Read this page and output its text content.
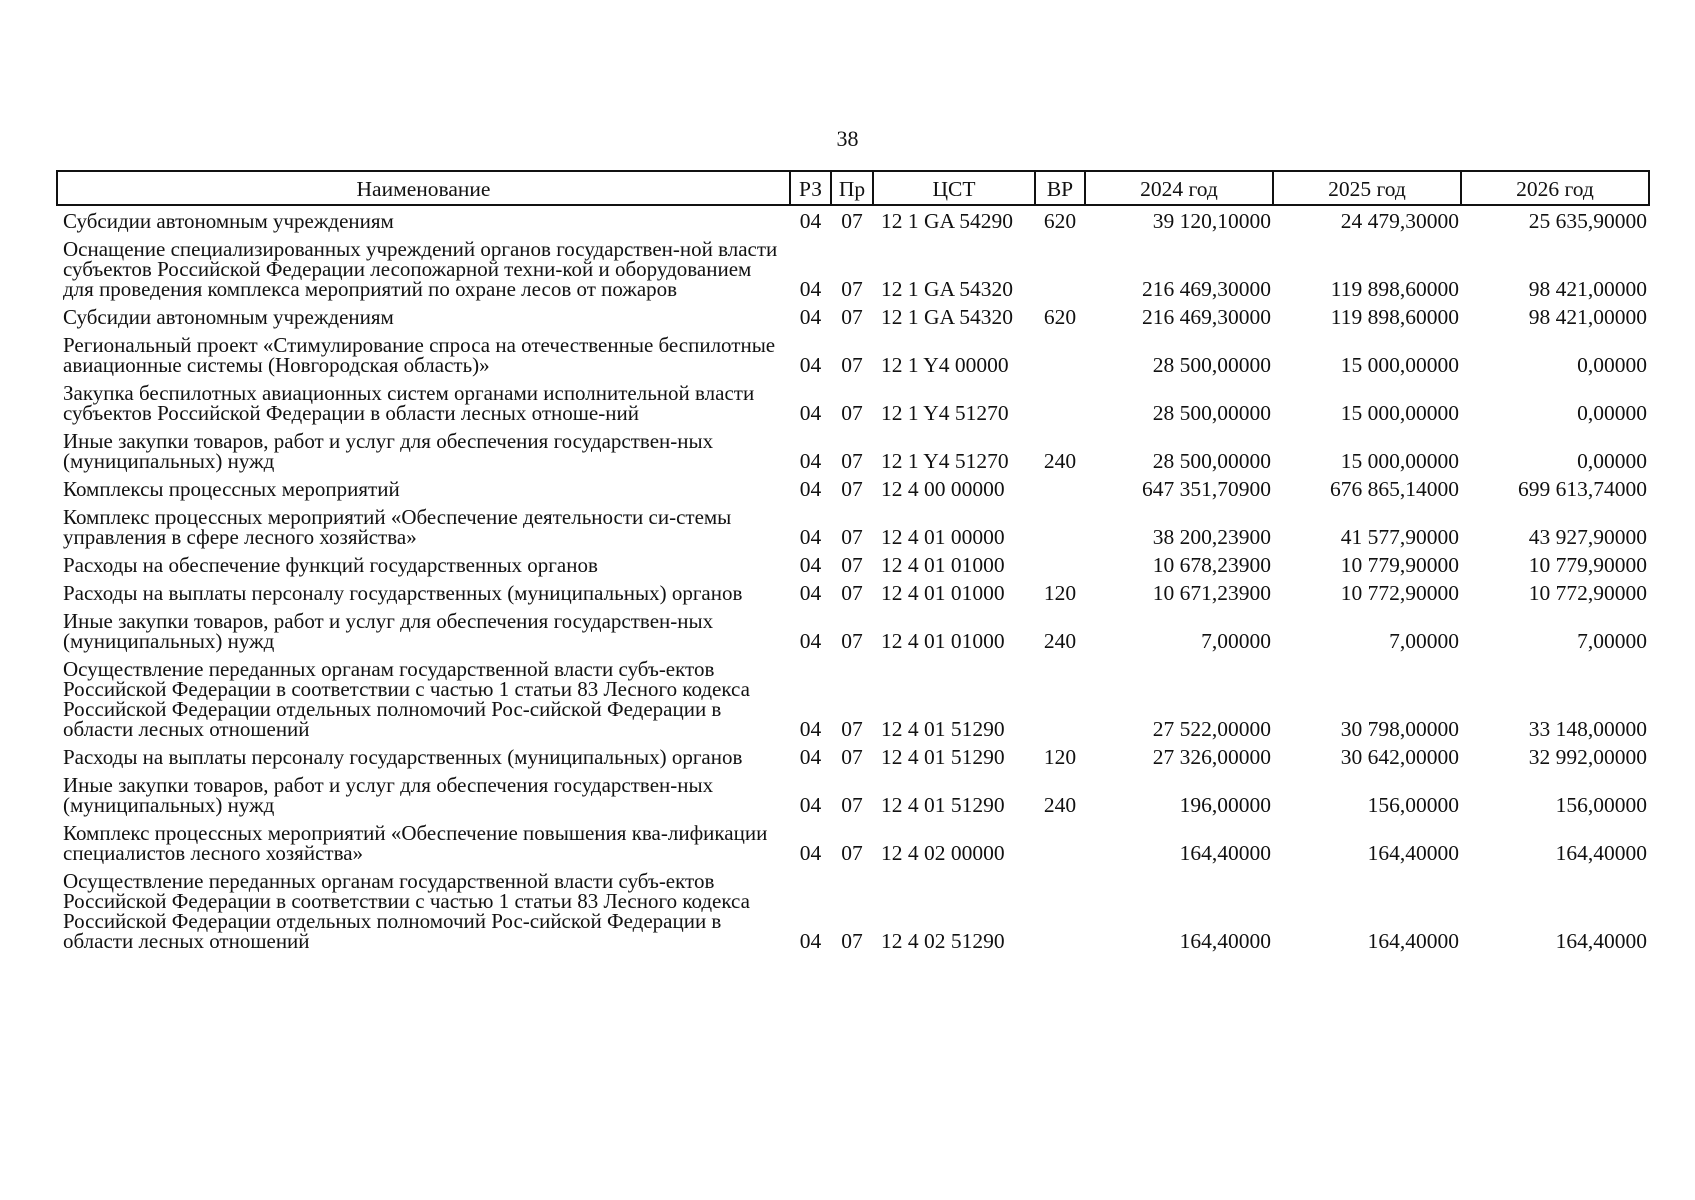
38
Наименование	РЗ	Пр	ЦСТ	ВР	2024 год	2025 год	2026 год
Субсидии автономным учреждениям	04	07	12 1 GA 54290	620	39 120,10000	24 479,30000	25 635,90000
Оснащение специализированных учреждений органов государствен-ной власти субъектов Российской Федерации лесопожарной техни-кой и оборудованием для проведения комплекса мероприятий по охране лесов от пожаров	04	07	12 1 GA 54320		216 469,30000	119 898,60000	98 421,00000
Субсидии автономным учреждениям	04	07	12 1 GA 54320	620	216 469,30000	119 898,60000	98 421,00000
Региональный проект «Стимулирование спроса на отечественные беспилотные авиационные системы (Новгородская область)»	04	07	12 1 Y4 00000		28 500,00000	15 000,00000	0,00000
Закупка беспилотных авиационных систем органами исполнительной власти субъектов Российской Федерации в области лесных отноше-ний	04	07	12 1 Y4 51270		28 500,00000	15 000,00000	0,00000
Иные закупки товаров, работ и услуг для обеспечения государствен-ных (муниципальных) нужд	04	07	12 1 Y4 51270	240	28 500,00000	15 000,00000	0,00000
Комплексы процессных мероприятий	04	07	12 4 00 00000		647 351,70900	676 865,14000	699 613,74000
Комплекс процессных мероприятий «Обеспечение деятельности си-стемы управления в сфере лесного хозяйства»	04	07	12 4 01 00000		38 200,23900	41 577,90000	43 927,90000
Расходы на обеспечение функций государственных органов	04	07	12 4 01 01000		10 678,23900	10 779,90000	10 779,90000
Расходы на выплаты персоналу государственных (муниципальных) органов	04	07	12 4 01 01000	120	10 671,23900	10 772,90000	10 772,90000
Иные закупки товаров, работ и услуг для обеспечения государствен-ных (муниципальных) нужд	04	07	12 4 01 01000	240	7,00000	7,00000	7,00000
Осуществление переданных органам государственной власти субъ-ектов Российской Федерации в соответствии с частью 1 статьи 83 Лесного кодекса Российской Федерации отдельных полномочий Рос-сийской Федерации в области лесных отношений	04	07	12 4 01 51290		27 522,00000	30 798,00000	33 148,00000
Расходы на выплаты персоналу государственных (муниципальных) органов	04	07	12 4 01 51290	120	27 326,00000	30 642,00000	32 992,00000
Иные закупки товаров, работ и услуг для обеспечения государствен-ных (муниципальных) нужд	04	07	12 4 01 51290	240	196,00000	156,00000	156,00000
Комплекс процессных мероприятий «Обеспечение повышения ква-лификации специалистов лесного хозяйства»	04	07	12 4 02 00000		164,40000	164,40000	164,40000
Осуществление переданных органам государственной власти субъ-ектов Российской Федерации в соответствии с частью 1 статьи 83 Лесного кодекса Российской Федерации отдельных полномочий Рос-сийской Федерации в области лесных отношений	04	07	12 4 02 51290		164,40000	164,40000	164,40000
